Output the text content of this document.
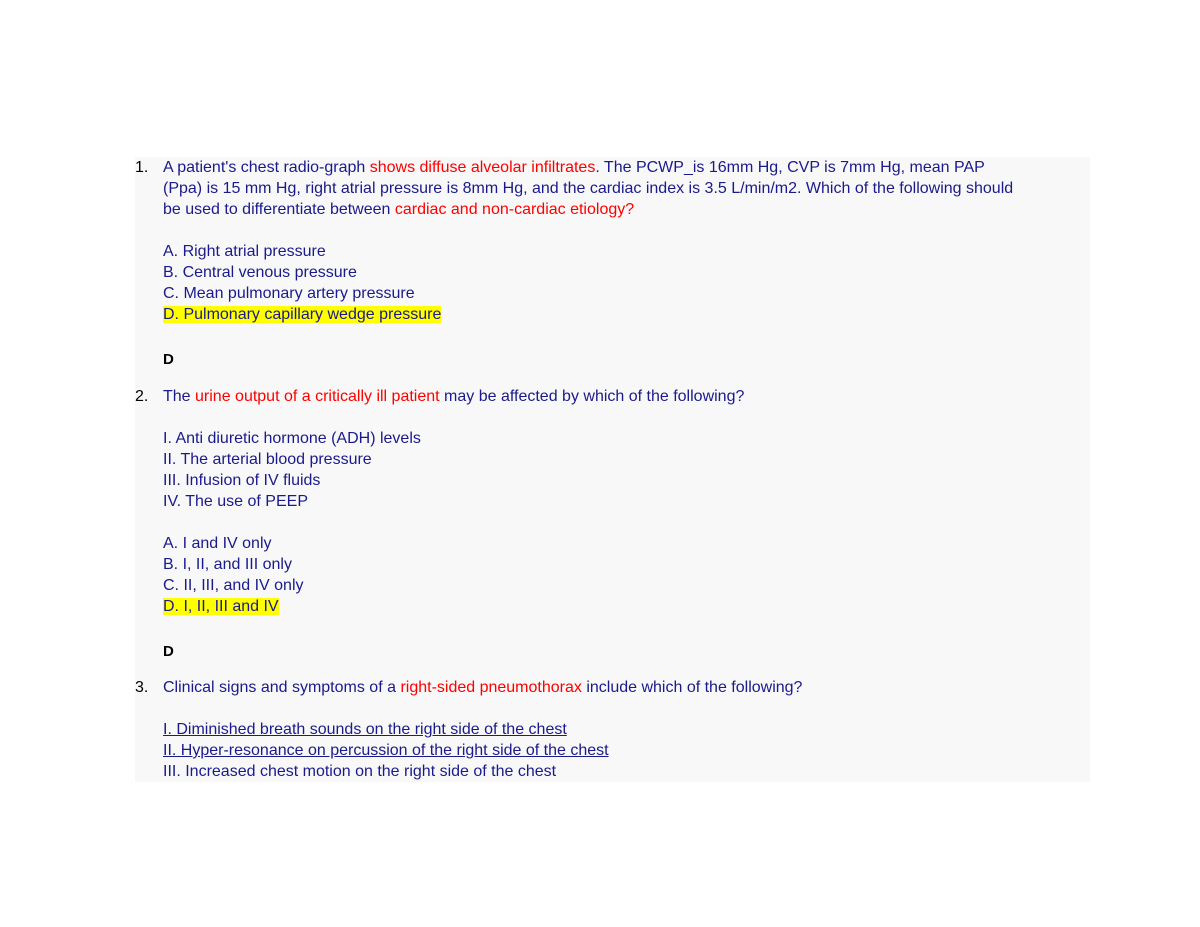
1. A patient's chest radio-graph shows diffuse alveolar infiltrates. The PCWP_is 16mm Hg, CVP is 7mm Hg, mean PAP
(Ppa) is 15 mm Hg, right atrial pressure is 8mm Hg, and the cardiac index is 3.5 L/min/m2. Which of the following should
be used to differentiate between cardiac and non-cardiac etiology?
A. Right atrial pressure
B. Central venous pressure
C. Mean pulmonary artery pressure
D. Pulmonary capillary wedge pressure
D
2. The urine output of a critically ill patient may be affected by which of the following?
I. Anti diuretic hormone (ADH) levels
II. The arterial blood pressure
III. Infusion of IV fluids
IV. The use of PEEP
A. I and IV only
B. I, II, and III only
C. II, III, and IV only
D. I, II, III and IV
D
3. Clinical signs and symptoms of a right-sided pneumothorax include which of the following?
I. Diminished breath sounds on the right side of the chest
II. Hyper-resonance on percussion of the right side of the chest
III. Increased chest motion on the right side of the chest
